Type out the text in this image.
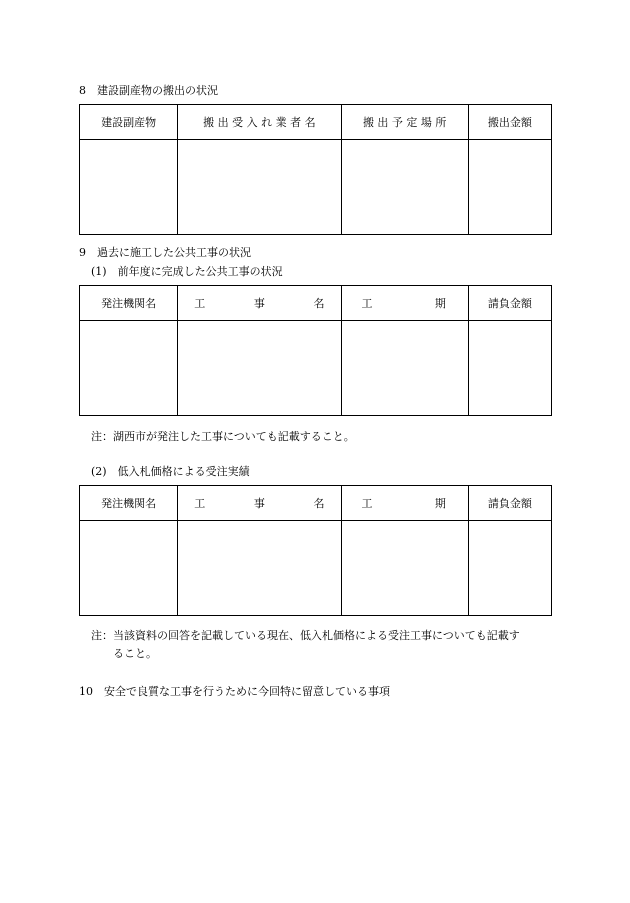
8　建設副産物の搬出の状況
建設副産物	搬 出 受 入 れ 業 者 名	搬 出 予 定 場 所	搬出金額

9　過去に施工した公共工事の状況
(1)　前年度に完成した公共工事の状況
発注機関名	工 事 名	工 期	請負金額

注：湖西市が発注した工事についても記載すること。
(2)　低入札価格による受注実績
発注機関名	工 事 名	工 期	請負金額

注：当該資料の回答を記載している現在、低入札価格による受注工事についても記載す
ること。
10　安全で良質な工事を行うために今回特に留意している事項
